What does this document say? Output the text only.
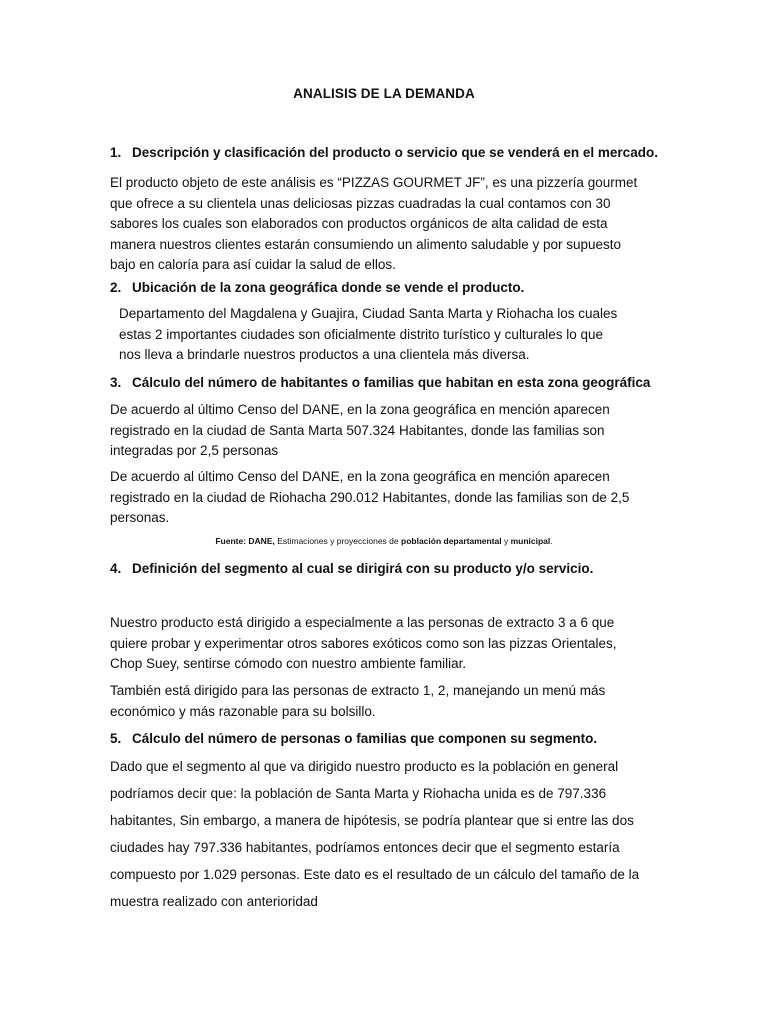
ANALISIS DE LA DEMANDA
1. Descripción y clasificación del producto o servicio que se venderá en el mercado.
El producto objeto de este análisis es “PIZZAS GOURMET JF”, es una pizzería gourmet
que ofrece a su clientela unas deliciosas pizzas cuadradas la cual contamos con 30
sabores los cuales son elaborados con productos orgánicos de alta calidad de esta
manera nuestros clientes estarán consumiendo un alimento saludable y por supuesto
bajo en caloría para así cuidar la salud de ellos.
2. Ubicación de la zona geográfica donde se vende el producto.
Departamento del Magdalena y Guajira, Ciudad Santa Marta y Riohacha los cuales
estas 2 importantes ciudades son oficialmente distrito turístico y culturales lo que
nos lleva a brindarle nuestros productos a una clientela más diversa.
3. Cálculo del número de habitantes o familias que habitan en esta zona geográfica
De acuerdo al último Censo del DANE, en la zona geográfica en mención aparecen
registrado en la ciudad de Santa Marta 507.324 Habitantes, donde las familias son
integradas por 2,5 personas
De acuerdo al último Censo del DANE, en la zona geográfica en mención aparecen
registrado en la ciudad de Riohacha 290.012 Habitantes, donde las familias son de 2,5
personas.
Fuente: DANE, Estimaciones y proyecciones de población departamental y municipal.
4. Definición del segmento al cual se dirigirá con su producto y/o servicio.
Nuestro producto está dirigido a especialmente a las personas de extracto 3 a 6 que
quiere probar y experimentar otros sabores exóticos como son las pizzas Orientales,
Chop Suey, sentirse cómodo con nuestro ambiente familiar.
También está dirigido para las personas de extracto 1, 2, manejando un menú más
económico y más razonable para su bolsillo.
5. Cálculo del número de personas o familias que componen su segmento.
Dado que el segmento al que va dirigido nuestro producto es la población en general
podríamos decir que: la población de Santa Marta y Riohacha unida es de 797.336
habitantes, Sin embargo, a manera de hipótesis, se podría plantear que si entre las dos
ciudades hay 797.336 habitantes, podríamos entonces decir que el segmento estaría
compuesto por 1.029 personas. Este dato es el resultado de un cálculo del tamaño de la
muestra realizado con anterioridad
